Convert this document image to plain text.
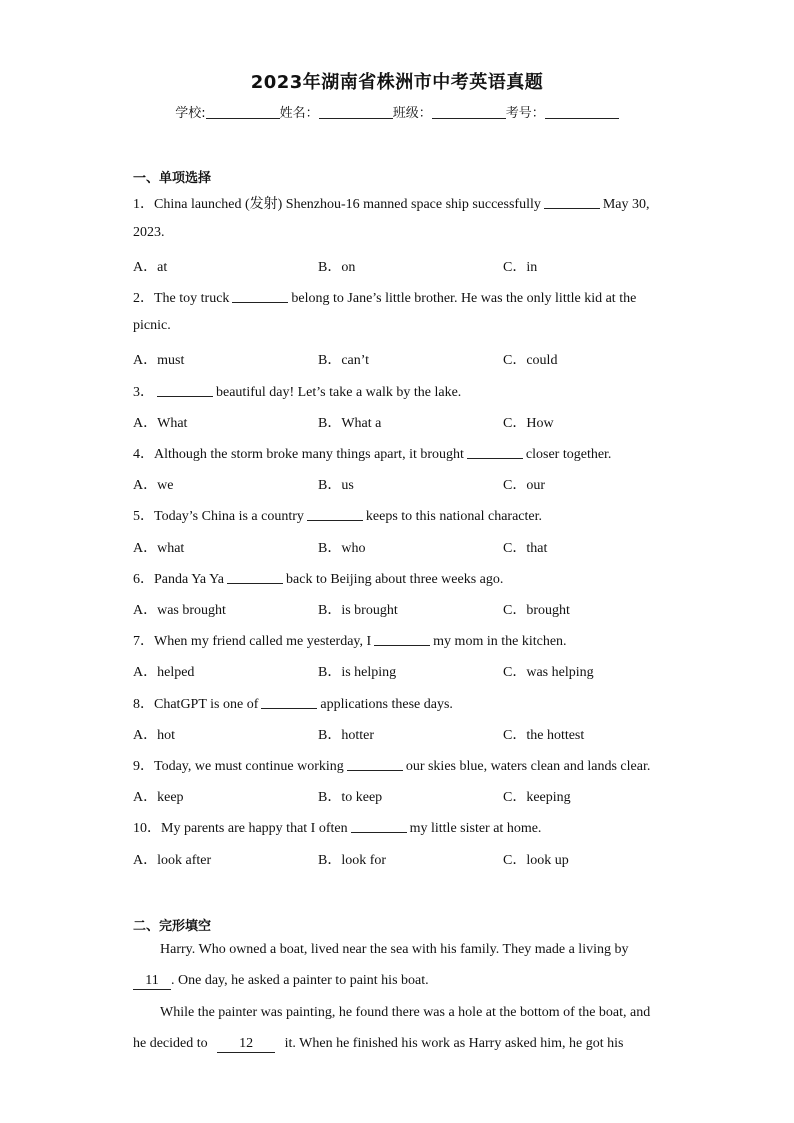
2023年湖南省株洲市中考英语真题
学校:	姓名：	班级：	考号：
一、单项选择
1．China launched (发射) Shenzhou-16 manned space ship successfully	May 30,
2023.
A．at	B．on	C．in
2．The toy truck	belong to Jane’s little brother. He was the only little kid at the
picnic.
A．must	B．can’t	C．could
3．	beautiful day! Let’s take a walk by the lake.
A．What	B．What a	C．How
4．Although the storm broke many things apart, it brought	closer together.
A．we	B．us	C．our
5．Today’s China is a country	keeps to this national character.
A．what	B．who	C．that
6．Panda Ya Ya	back to Beijing about three weeks ago.
A．was brought	B．is brought	C．brought
7．When my friend called me yesterday, I	my mom in the kitchen.
A．helped	B．is helping	C．was helping
8．ChatGPT is one of	applications these days.
A．hot	B．hotter	C．the hottest
9．Today, we must continue working	our skies blue, waters clean and lands clear.
A．keep	B．to keep	C．keeping
10．My parents are happy that I often	my little sister at home.
A．look after	B．look for	C．look up
二、完形填空
Harry. Who owned a boat, lived near the sea with his family. They made a living by
11 . One day, he asked a painter to paint his boat.
While the painter was painting, he found there was a hole at the bottom of the boat, and
he decided to 12 it. When he finished his work as Harry asked him, he got his
